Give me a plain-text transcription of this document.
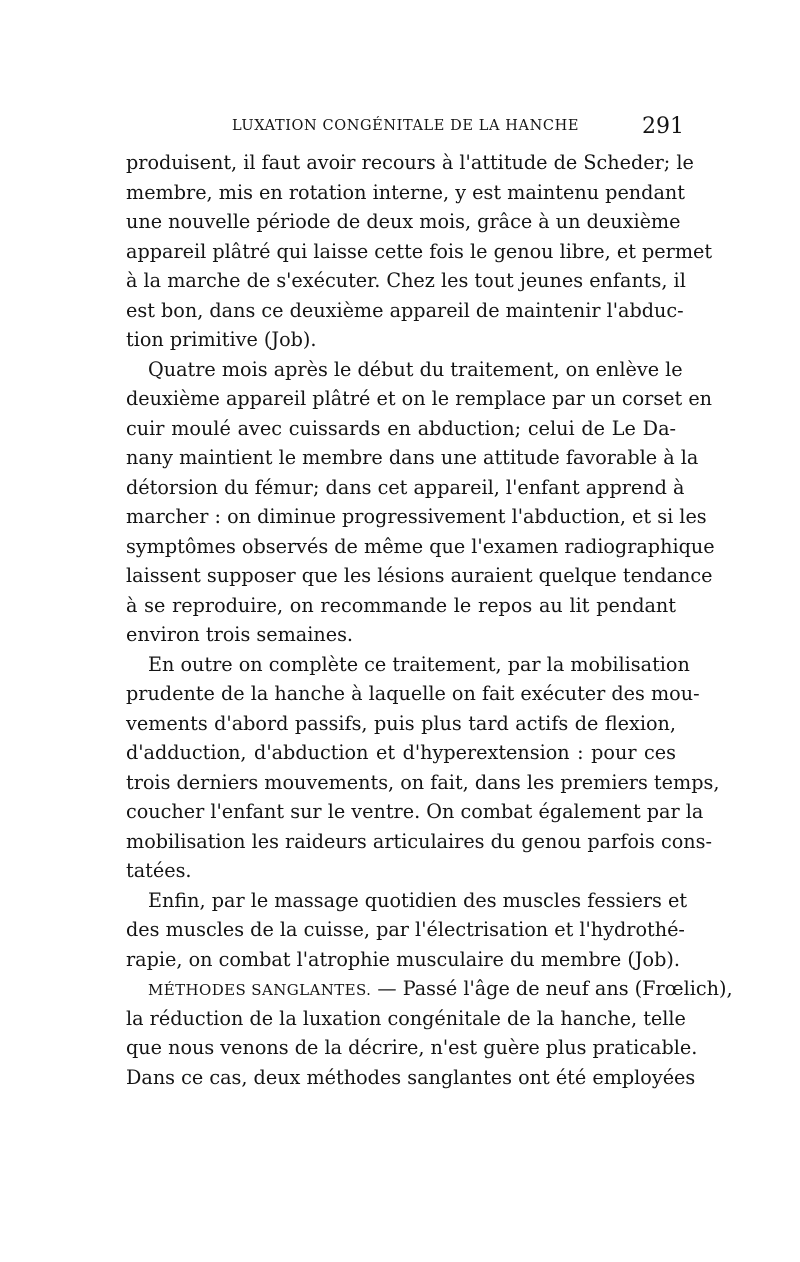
LUXATION CONGÉNITALE DE LA HANCHE	291
produisent, il faut avoir recours à l'attitude de Scheder; le
membre, mis en rotation interne, y est maintenu pendant
une nouvelle période de deux mois, grâce à un deuxième
appareil plâtré qui laisse cette fois le genou libre, et permet
à la marche de s'exécuter. Chez les tout jeunes enfants, il
est bon, dans ce deuxième appareil de maintenir l'abduc-
tion primitive (Job).
Quatre mois après le début du traitement, on enlève le
deuxième appareil plâtré et on le remplace par un corset en
cuir moulé avec cuissards en abduction; celui de Le Da-
nany maintient le membre dans une attitude favorable à la
détorsion du fémur; dans cet appareil, l'enfant apprend à
marcher : on diminue progressivement l'abduction, et si les
symptômes observés de même que l'examen radiographique
laissent supposer que les lésions auraient quelque tendance
à se reproduire, on recommande le repos au lit pendant
environ trois semaines.
En outre on complète ce traitement, par la mobilisation
prudente de la hanche à laquelle on fait exécuter des mou-
vements d'abord passifs, puis plus tard actifs de flexion,
d'adduction, d'abduction et d'hyperextension : pour ces
trois derniers mouvements, on fait, dans les premiers temps,
coucher l'enfant sur le ventre. On combat également par la
mobilisation les raideurs articulaires du genou parfois cons-
tatées.
Enfin, par le massage quotidien des muscles fessiers et
des muscles de la cuisse, par l'électrisation et l'hydrothé-
rapie, on combat l'atrophie musculaire du membre (Job).
MÉTHODES SANGLANTES. — Passé l'âge de neuf ans (Frœlich),
la réduction de la luxation congénitale de la hanche, telle
que nous venons de la décrire, n'est guère plus praticable.
Dans ce cas, deux méthodes sanglantes ont été employées
